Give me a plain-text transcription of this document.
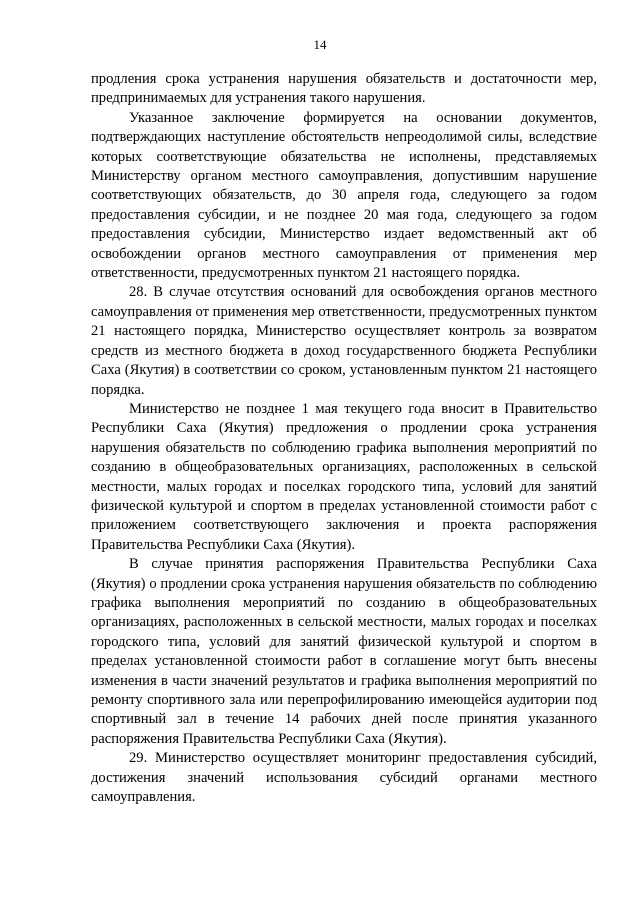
14

продления срока устранения нарушения обязательств и достаточности мер, предпринимаемых для устранения такого нарушения.

Указанное заключение формируется на основании документов, подтверждающих наступление обстоятельств непреодолимой силы, вследствие которых соответствующие обязательства не исполнены, представляемых Министерству органом местного самоуправления, допустившим нарушение соответствующих обязательств, до 30 апреля года, следующего за годом предоставления субсидии, и не позднее 20 мая года, следующего за годом предоставления субсидии, Министерство издает ведомственный акт об освобождении органов местного самоуправления от применения мер ответственности, предусмотренных пунктом 21 настоящего порядка.

28. В случае отсутствия оснований для освобождения органов местного самоуправления от применения мер ответственности, предусмотренных пунктом 21 настоящего порядка, Министерство осуществляет контроль за возвратом средств из местного бюджета в доход государственного бюджета Республики Саха (Якутия) в соответствии со сроком, установленным пунктом 21 настоящего порядка.

Министерство не позднее 1 мая текущего года вносит в Правительство Республики Саха (Якутия) предложения о продлении срока устранения нарушения обязательств по соблюдению графика выполнения мероприятий по созданию в общеобразовательных организациях, расположенных в сельской местности, малых городах и поселках городского типа, условий для занятий физической культурой и спортом в пределах установленной стоимости работ с приложением соответствующего заключения и проекта распоряжения Правительства Республики Саха (Якутия).

В случае принятия распоряжения Правительства Республики Саха (Якутия) о продлении срока устранения нарушения обязательств по соблюдению графика выполнения мероприятий по созданию в общеобразовательных организациях, расположенных в сельской местности, малых городах и поселках городского типа, условий для занятий физической культурой и спортом в пределах установленной стоимости работ в соглашение могут быть внесены изменения в части значений результатов и графика выполнения мероприятий по ремонту спортивного зала или перепрофилированию имеющейся аудитории под спортивный зал в течение 14 рабочих дней после принятия указанного распоряжения Правительства Республики Саха (Якутия).

29. Министерство осуществляет мониторинг предоставления субсидий, достижения значений использования субсидий органами местного самоуправления.
